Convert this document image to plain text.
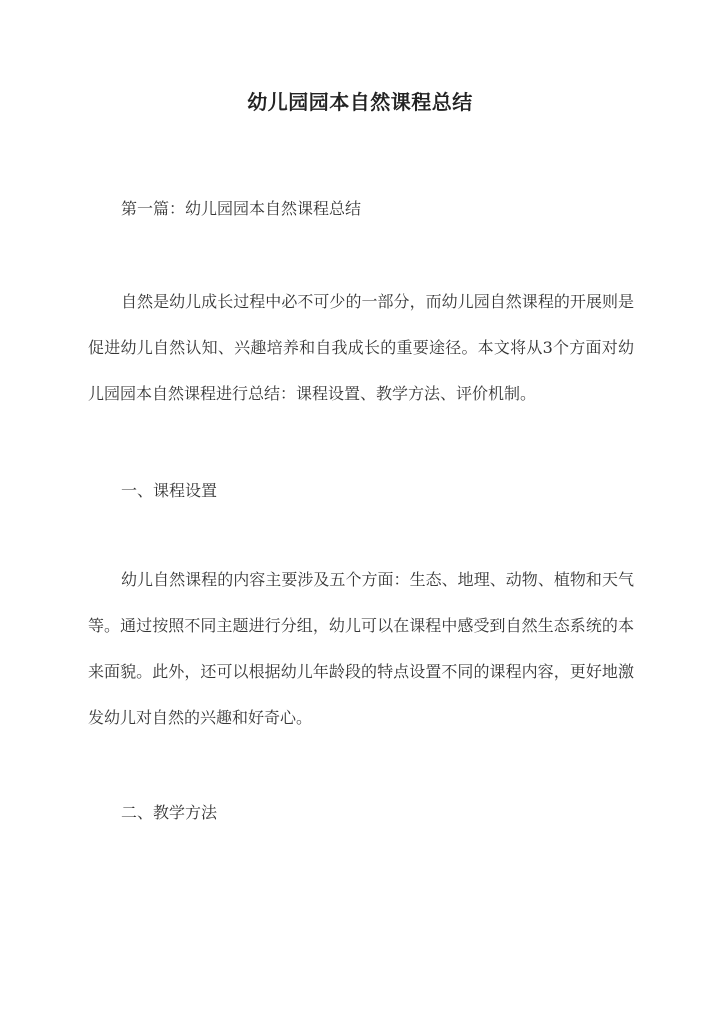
幼儿园园本自然课程总结
第一篇：幼儿园园本自然课程总结

自然是幼儿成长过程中必不可少的一部分，而幼儿园自然课程的开展则是促进幼儿自然认知、兴趣培养和自我成长的重要途径。本文将从3个方面对幼儿园园本自然课程进行总结：课程设置、教学方法、评价机制。

一、课程设置

幼儿自然课程的内容主要涉及五个方面：生态、地理、动物、植物和天气等。通过按照不同主题进行分组，幼儿可以在课程中感受到自然生态系统的本来面貌。此外，还可以根据幼儿年龄段的特点设置不同的课程内容，更好地激发幼儿对自然的兴趣和好奇心。

二、教学方法
